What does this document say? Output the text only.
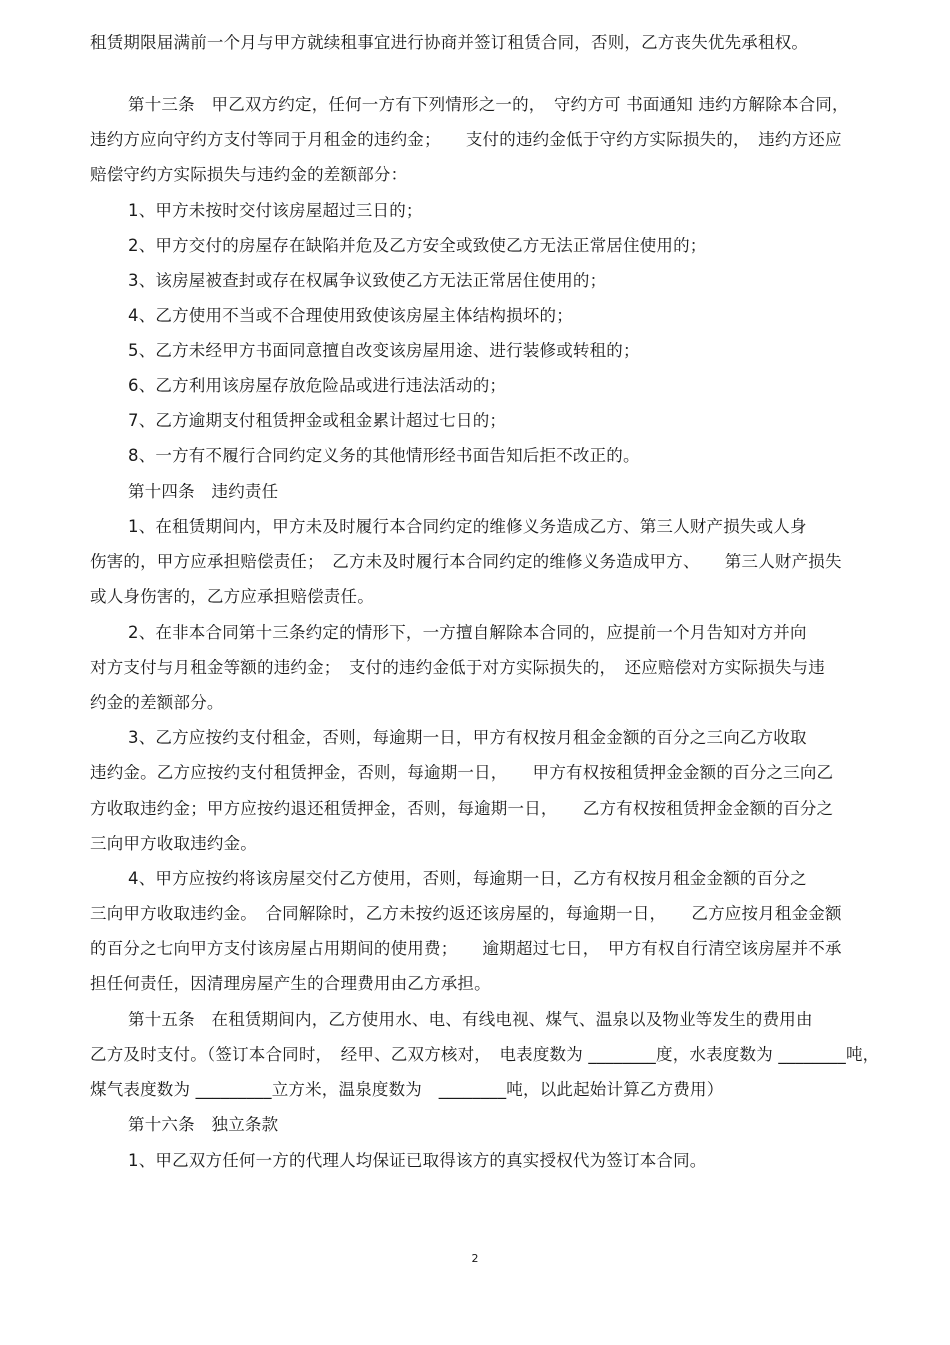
租赁期限届满前一个月与甲方就续租事宜进行协商并签订租赁合同，否则，乙方丧失优先承租权。
第十三条　甲乙双方约定，任何一方有下列情形之一的，　守约方可 书面通知 违约方解除本合同，
违约方应向守约方支付等同于月租金的违约金；　　支付的违约金低于守约方实际损失的，　违约方还应
赔偿守约方实际损失与违约金的差额部分：
1、甲方未按时交付该房屋超过三日的；
2、甲方交付的房屋存在缺陷并危及乙方安全或致使乙方无法正常居住使用的；
3、该房屋被查封或存在权属争议致使乙方无法正常居住使用的；
4、乙方使用不当或不合理使用致使该房屋主体结构损坏的；
5、乙方未经甲方书面同意擅自改变该房屋用途、进行装修或转租的；
6、乙方利用该房屋存放危险品或进行违法活动的；
7、乙方逾期支付租赁押金或租金累计超过七日的；
8、一方有不履行合同约定义务的其他情形经书面告知后拒不改正的。
第十四条　违约责任
1、在租赁期间内，甲方未及时履行本合同约定的维修义务造成乙方、第三人财产损失或人身
伤害的，甲方应承担赔偿责任；　乙方未及时履行本合同约定的维修义务造成甲方、　　第三人财产损失
或人身伤害的，乙方应承担赔偿责任。
2、在非本合同第十三条约定的情形下，一方擅自解除本合同的，应提前一个月告知对方并向
对方支付与月租金等额的违约金；　支付的违约金低于对方实际损失的，　还应赔偿对方实际损失与违
约金的差额部分。
3、乙方应按约支付租金，否则，每逾期一日，甲方有权按月租金金额的百分之三向乙方收取
违约金。乙方应按约支付租赁押金，否则，每逾期一日，　　甲方有权按租赁押金金额的百分之三向乙
方收取违约金；甲方应按约退还租赁押金，否则，每逾期一日，　　乙方有权按租赁押金金额的百分之
三向甲方收取违约金。
4、甲方应按约将该房屋交付乙方使用，否则，每逾期一日，乙方有权按月租金金额的百分之
三向甲方收取违约金。　合同解除时，乙方未按约返还该房屋的，每逾期一日，　　乙方应按月租金金额
的百分之七向甲方支付该房屋占用期间的使用费；　　逾期超过七日，　甲方有权自行清空该房屋并不承
担任何责任，因清理房屋产生的合理费用由乙方承担。
第十五条　在租赁期间内，乙方使用水、电、有线电视、煤气、温泉以及物业等发生的费用由
乙方及时支付。（签订本合同时，　经甲、乙双方核对，　电表度数为 ________度，水表度数为 ________吨，
煤气表度数为 _________立方米，温泉度数为　________吨，以此起始计算乙方费用）
第十六条　独立条款
1、甲乙双方任何一方的代理人均保证已取得该方的真实授权代为签订本合同。
2
